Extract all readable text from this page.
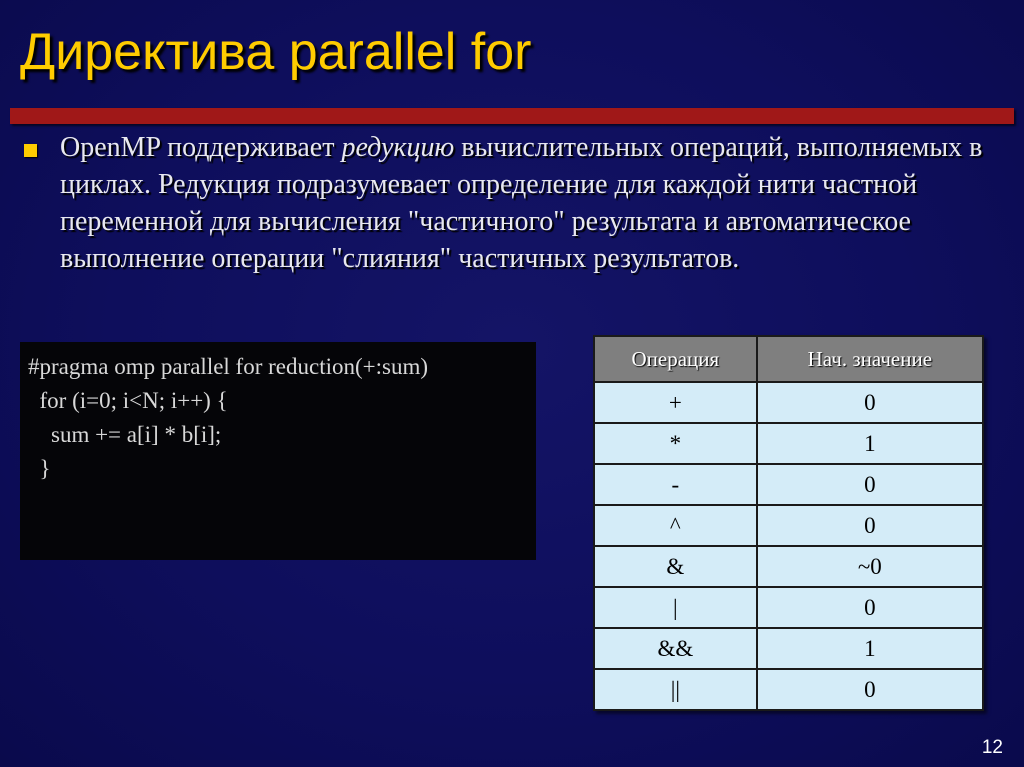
Директива parallel for

OpenMP поддерживает редукцию вычислительных операций, выполняемых в циклах. Редукция подразумевает определение для каждой нити частной переменной для вычисления "частичного" результата и автоматическое выполнение операции "слияния" частичных результатов.

#pragma omp parallel for reduction(+:sum)
for (i=0; i<N; i++) {
sum += a[i] * b[i];
}
Операция	Нач. значение
+	0
*	1
-	0
^	0
&	~0
|	0
&&	1
||	0
12
